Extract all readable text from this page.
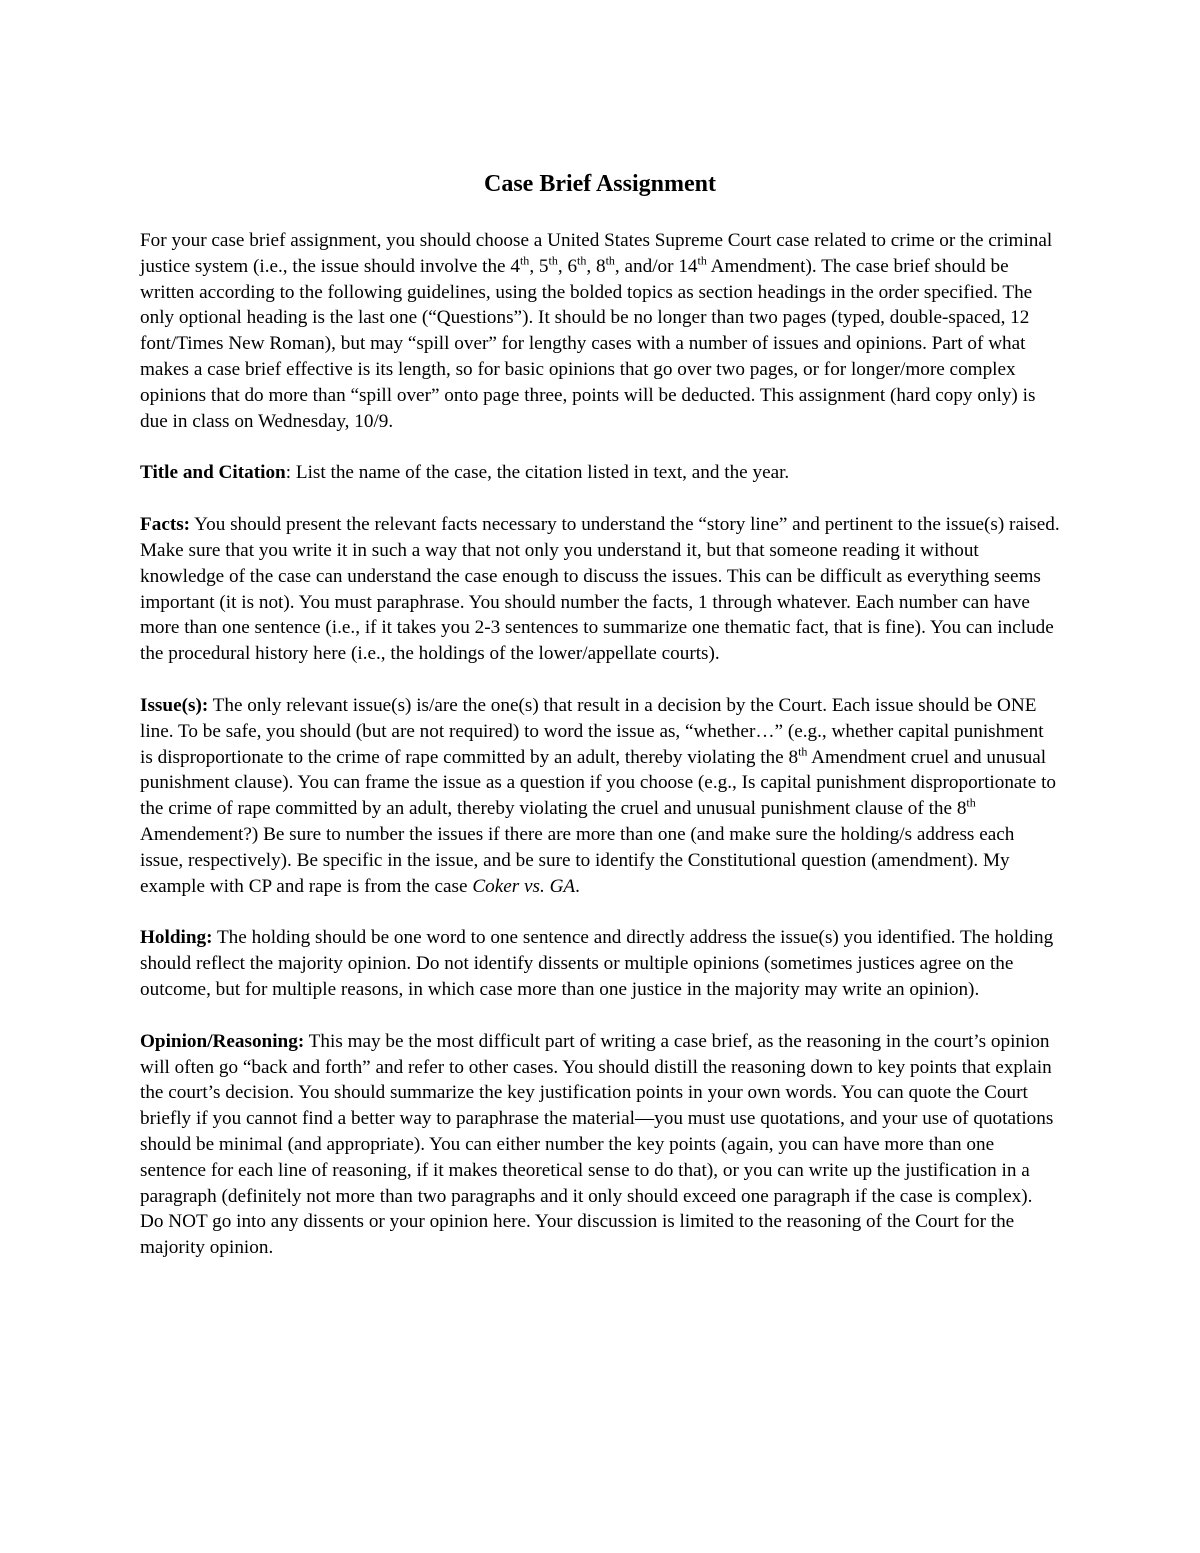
Case Brief Assignment

For your case brief assignment, you should choose a United States Supreme Court case related to crime or the criminal justice system (i.e., the issue should involve the 4th, 5th, 6th, 8th, and/or 14th Amendment). The case brief should be written according to the following guidelines, using the bolded topics as section headings in the order specified. The only optional heading is the last one (“Questions”). It should be no longer than two pages (typed, double-spaced, 12 font/Times New Roman), but may “spill over” for lengthy cases with a number of issues and opinions. Part of what makes a case brief effective is its length, so for basic opinions that go over two pages, or for longer/more complex opinions that do more than “spill over” onto page three, points will be deducted. This assignment (hard copy only) is due in class on Wednesday, 10/9.

Title and Citation: List the name of the case, the citation listed in text, and the year.

Facts: You should present the relevant facts necessary to understand the “story line” and pertinent to the issue(s) raised. Make sure that you write it in such a way that not only you understand it, but that someone reading it without knowledge of the case can understand the case enough to discuss the issues. This can be difficult as everything seems important (it is not). You must paraphrase. You should number the facts, 1 through whatever. Each number can have more than one sentence (i.e., if it takes you 2-3 sentences to summarize one thematic fact, that is fine). You can include the procedural history here (i.e., the holdings of the lower/appellate courts).

Issue(s): The only relevant issue(s) is/are the one(s) that result in a decision by the Court. Each issue should be ONE line. To be safe, you should (but are not required) to word the issue as, “whether…” (e.g., whether capital punishment is disproportionate to the crime of rape committed by an adult, thereby violating the 8th Amendment cruel and unusual punishment clause). You can frame the issue as a question if you choose (e.g., Is capital punishment disproportionate to the crime of rape committed by an adult, thereby violating the cruel and unusual punishment clause of the 8th Amendement?) Be sure to number the issues if there are more than one (and make sure the holding/s address each issue, respectively). Be specific in the issue, and be sure to identify the Constitutional question (amendment). My example with CP and rape is from the case Coker vs. GA.

Holding: The holding should be one word to one sentence and directly address the issue(s) you identified. The holding should reflect the majority opinion. Do not identify dissents or multiple opinions (sometimes justices agree on the outcome, but for multiple reasons, in which case more than one justice in the majority may write an opinion).

Opinion/Reasoning: This may be the most difficult part of writing a case brief, as the reasoning in the court’s opinion will often go “back and forth” and refer to other cases. You should distill the reasoning down to key points that explain the court’s decision. You should summarize the key justification points in your own words. You can quote the Court briefly if you cannot find a better way to paraphrase the material—you must use quotations, and your use of quotations should be minimal (and appropriate). You can either number the key points (again, you can have more than one sentence for each line of reasoning, if it makes theoretical sense to do that), or you can write up the justification in a paragraph (definitely not more than two paragraphs and it only should exceed one paragraph if the case is complex). Do NOT go into any dissents or your opinion here. Your discussion is limited to the reasoning of the Court for the majority opinion.
